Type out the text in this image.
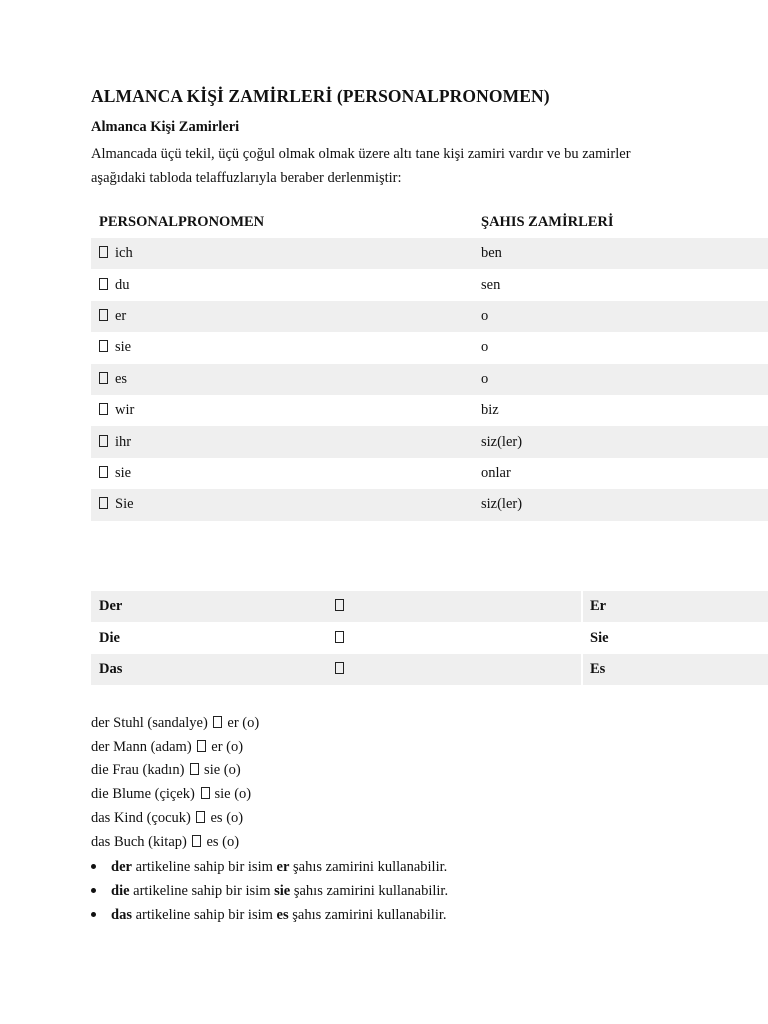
ALMANCA KİŞİ ZAMİRLERİ (PERSONALPRONOMEN)
Almanca Kişi Zamirleri
Almancada üçü tekil, üçü çoğul olmak olmak üzere altı tane kişi zamiri vardır ve bu zamirler
aşağıdaki tabloda telaffuzlarıyla beraber derlenmiştir:
PERSONALPRONOMEN	ŞAHIS ZAMİRLERİ
ich	ben
du	sen
er	o
sie	o
es	o
wir	biz
ihr	siz(ler)
sie	onlar
Sie	siz(ler)
Der		Er
Die		Sie
Das		Es
der Stuhl (sandalye) er (o)
der Mann (adam) er (o)
die Frau (kadın) sie (o)
die Blume (çiçek) sie (o)
das Kind (çocuk) es (o)
das Buch (kitap) es (o)
der artikeline sahip bir isim er şahıs zamirini kullanabilir.
die artikeline sahip bir isim sie şahıs zamirini kullanabilir.
das artikeline sahip bir isim es şahıs zamirini kullanabilir.
